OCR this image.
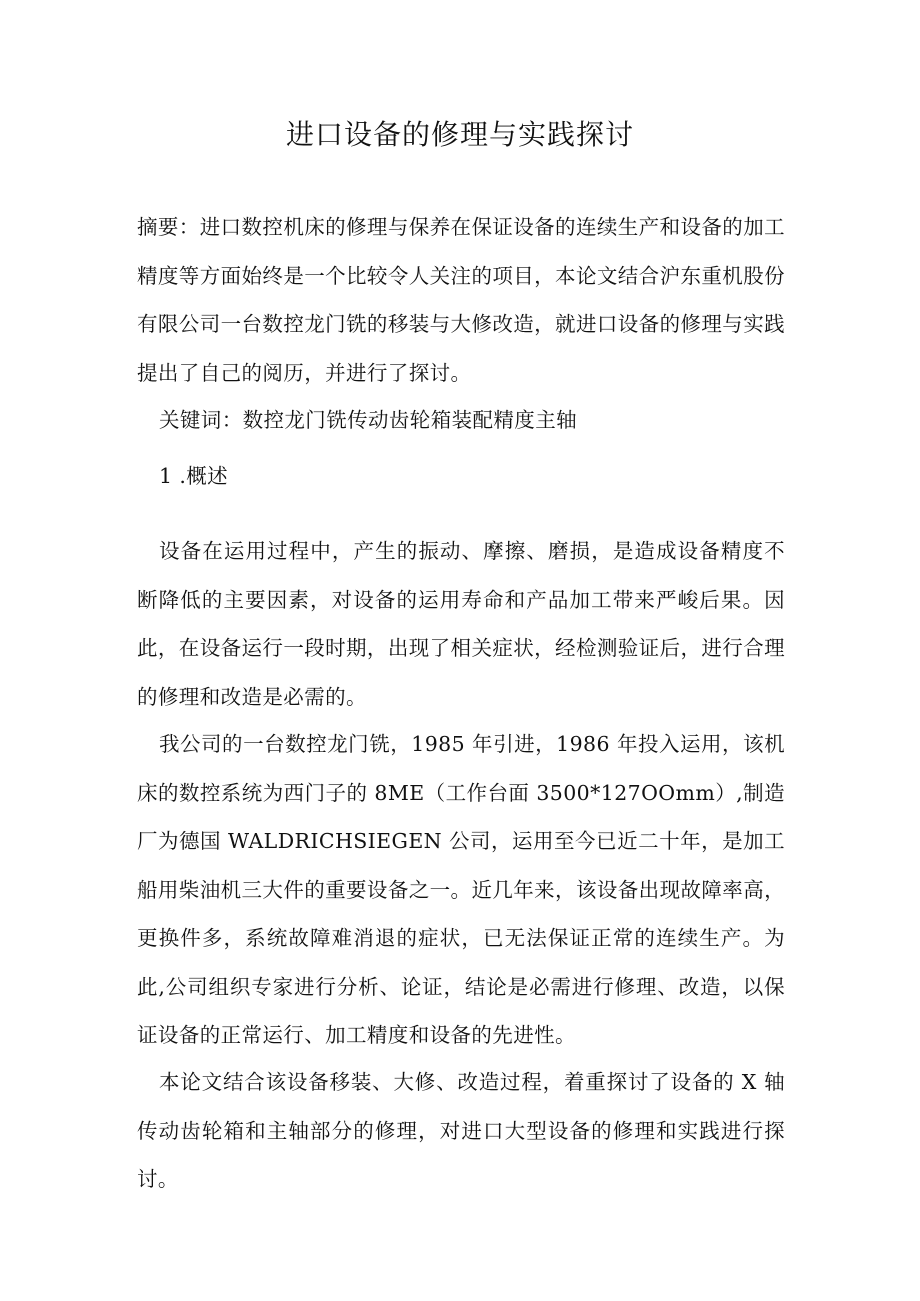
进口设备的修理与实践探讨

摘要：进口数控机床的修理与保养在保证设备的连续生产和设备的加工精度等方面始终是一个比较令人关注的项目，本论文结合沪东重机股份有限公司一台数控龙门铣的移装与大修改造，就进口设备的修理与实践提出了自己的阅历，并进行了探讨。

关键词：数控龙门铣传动齿轮箱装配精度主轴

1 .概述

设备在运用过程中，产生的振动、摩擦、磨损，是造成设备精度不断降低的主要因素，对设备的运用寿命和产品加工带来严峻后果。因此，在设备运行一段时期，出现了相关症状，经检测验证后，进行合理的修理和改造是必需的。

我公司的一台数控龙门铣，1985 年引进，1986 年投入运用，该机床的数控系统为西门子的 8ME（工作台面 3500*127OOmm）,制造厂为德国 WALDRICHSIEGEN 公司，运用至今已近二十年，是加工船用柴油机三大件的重要设备之一。近几年来，该设备出现故障率高，更换件多，系统故障难消退的症状，已无法保证正常的连续生产。为此,公司组织专家进行分析、论证，结论是必需进行修理、改造，以保证设备的正常运行、加工精度和设备的先进性。

本论文结合该设备移装、大修、改造过程，着重探讨了设备的 X 轴传动齿轮箱和主轴部分的修理，对进口大型设备的修理和实践进行探讨。
